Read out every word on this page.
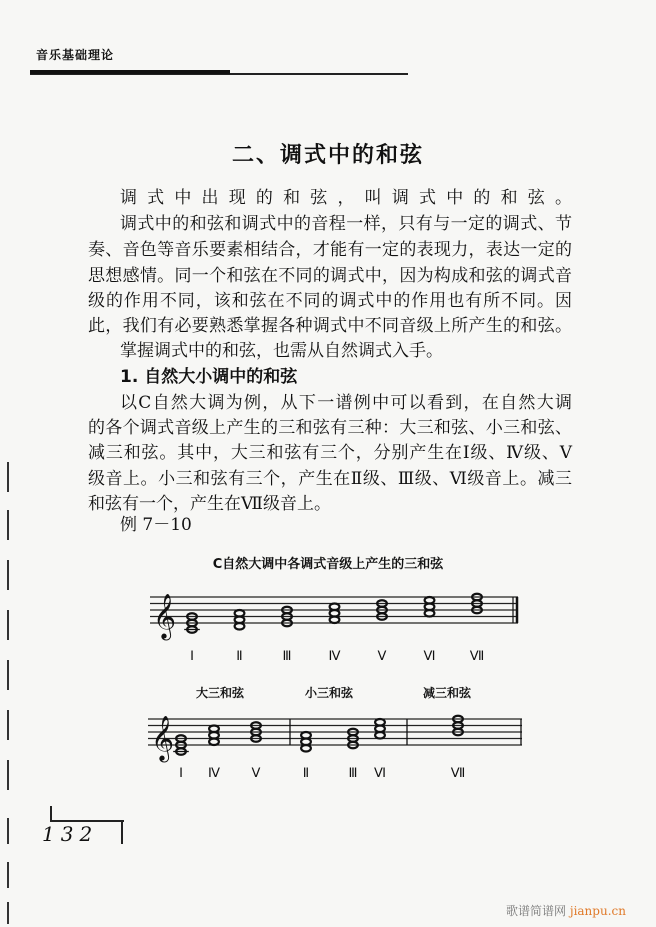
音乐基础理论
二、调式中的和弦
调式中出现的和弦，叫调式中的和弦。
调式中的和弦和调式中的音程一样，只有与一定的调式、节
奏、音色等音乐要素相结合，才能有一定的表现力，表达一定的
思想感情。同一个和弦在不同的调式中，因为构成和弦的调式音
级的作用不同，该和弦在不同的调式中的作用也有所不同。因
此，我们有必要熟悉掌握各种调式中不同音级上所产生的和弦。
掌握调式中的和弦，也需从自然调式入手。
1. 自然大小调中的和弦
以C自然大调为例，从下一谱例中可以看到，在自然大调
的各个调式音级上产生的三和弦有三种：大三和弦、小三和弦、
减三和弦。其中，大三和弦有三个，分别产生在Ⅰ级、Ⅳ级、Ⅴ
级音上。小三和弦有三个，产生在Ⅱ级、Ⅲ级、Ⅵ级音上。减三
和弦有一个，产生在Ⅶ级音上。
例 7－10
C自然大调中各调式音级上产生的三和弦
𝄞
𝄞
Ⅰ	Ⅱ	Ⅲ	Ⅳ	Ⅴ	Ⅵ	Ⅶ
大三和弦
Ⅰ Ⅳ Ⅴ
小三和弦
Ⅱ	Ⅲ Ⅵ
减三和弦
Ⅶ
132
歌谱简谱网 jianpu.cn
